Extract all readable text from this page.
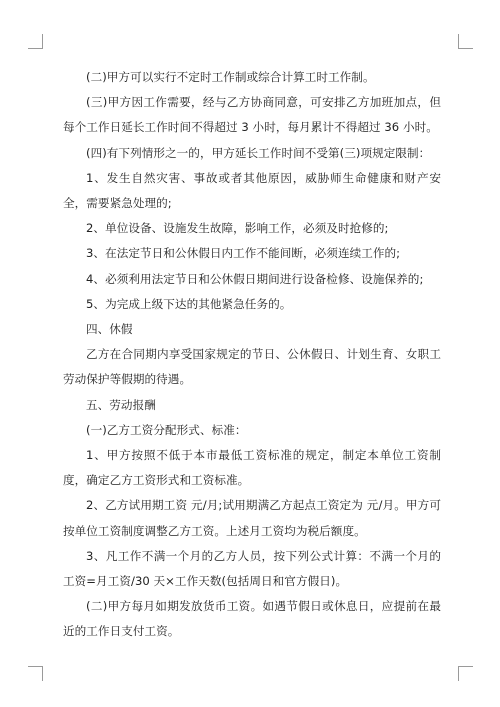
(二)甲方可以实行不定时工作制或综合计算工时工作制。

(三)甲方因工作需要，经与乙方协商同意，可安排乙方加班加点，但每个工作日延长工作时间不得超过 3 小时，每月累计不得超过 36 小时。

(四)有下列情形之一的，甲方延长工作时间不受第(三)项规定限制：

1、发生自然灾害、事故或者其他原因，威胁师生命健康和财产安全，需要紧急处理的;

2、单位设备、设施发生故障，影响工作，必须及时抢修的;

3、在法定节日和公休假日内工作不能间断，必须连续工作的;

4、必须利用法定节日和公休假日期间进行设备检修、设施保养的;

5、为完成上级下达的其他紧急任务的。

四、休假

乙方在合同期内享受国家规定的节日、公休假日、计划生育、女职工劳动保护等假期的待遇。

五、劳动报酬

(一)乙方工资分配形式、标准：

1、甲方按照不低于本市最低工资标准的规定，制定本单位工资制度，确定乙方工资形式和工资标准。

2、乙方试用期工资 元/月;试用期满乙方起点工资定为 元/月。甲方可按单位工资制度调整乙方工资。上述月工资均为税后额度。

3、凡工作不满一个月的乙方人员，按下列公式计算：不满一个月的工资=月工资/30 天×工作天数(包括周日和官方假日)。

(二)甲方每月如期发放货币工资。如遇节假日或休息日，应提前在最近的工作日支付工资。
